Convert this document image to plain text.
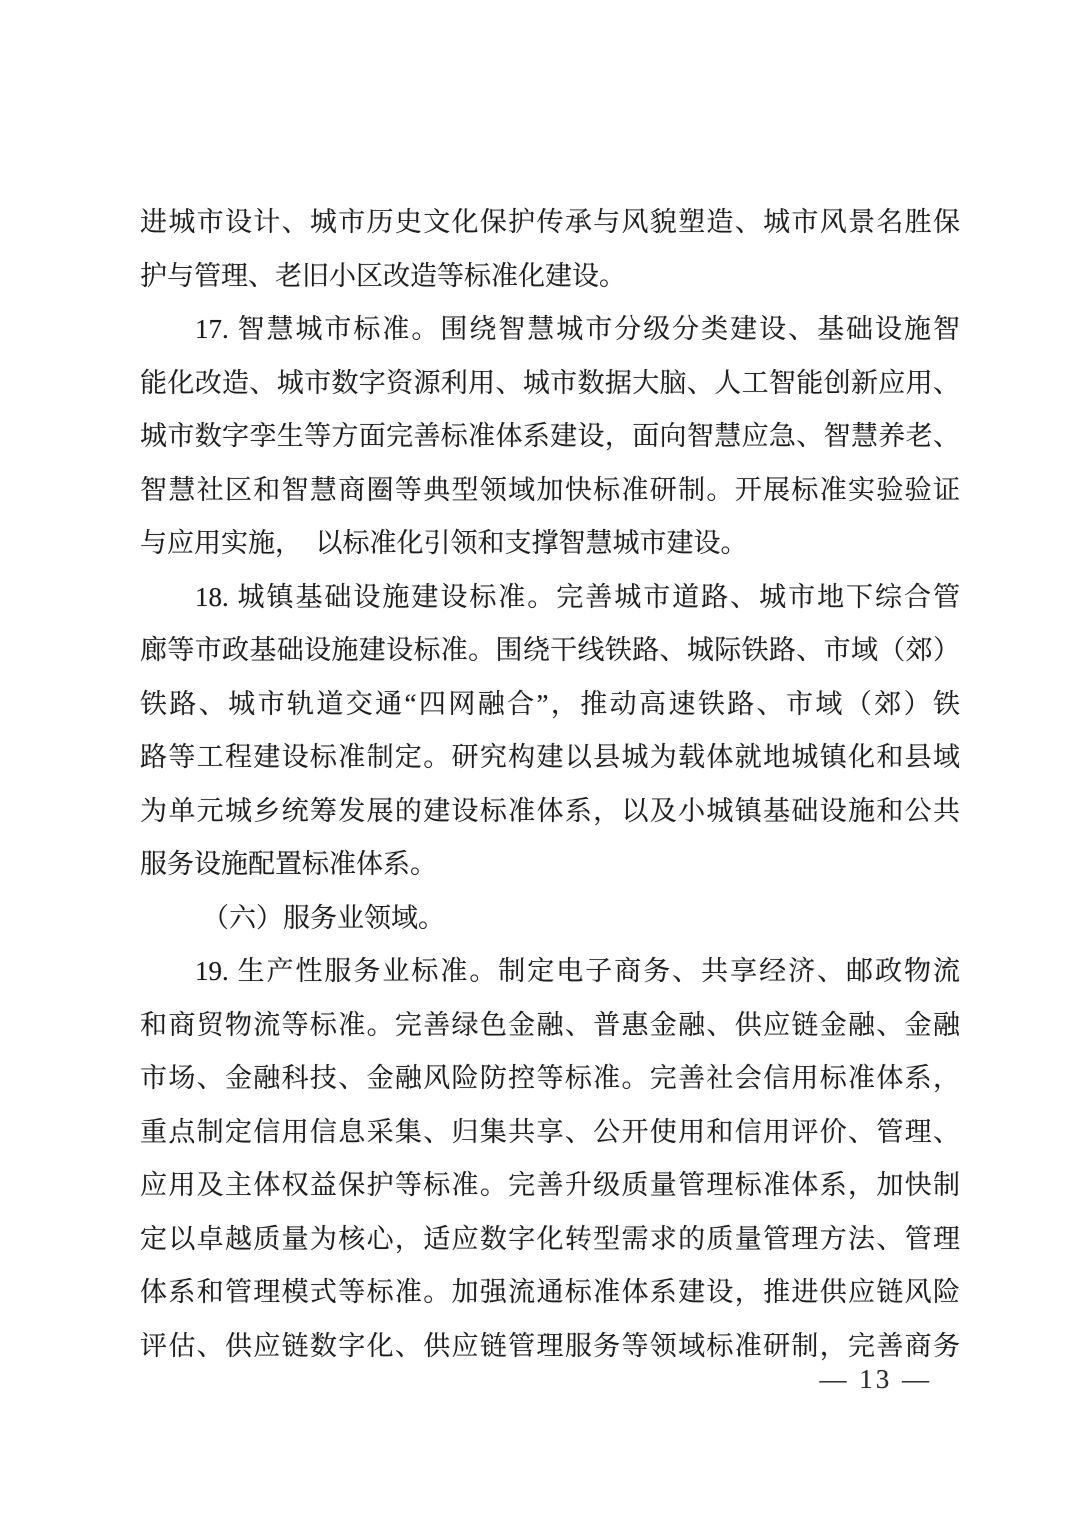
进城市设计、城市历史文化保护传承与风貌塑造、城市风景名胜保
护与管理、老旧小区改造等标准化建设。
17. 智慧城市标准。围绕智慧城市分级分类建设、基础设施智
能化改造、城市数字资源利用、城市数据大脑、人工智能创新应用、
城市数字孪生等方面完善标准体系建设，面向智慧应急、智慧养老、
智慧社区和智慧商圈等典型领域加快标准研制。开展标准实验验证
与应用实施，　以标准化引领和支撑智慧城市建设。
18. 城镇基础设施建设标准。完善城市道路、城市地下综合管
廊等市政基础设施建设标准。围绕干线铁路、城际铁路、市域（郊）
铁路、城市轨道交通“四网融合”，推动高速铁路、市域（郊）铁
路等工程建设标准制定。研究构建以县城为载体就地城镇化和县域
为单元城乡统筹发展的建设标准体系，以及小城镇基础设施和公共
服务设施配置标准体系。
（六）服务业领域。
19. 生产性服务业标准。制定电子商务、共享经济、邮政物流
和商贸物流等标准。完善绿色金融、普惠金融、供应链金融、金融
市场、金融科技、金融风险防控等标准。完善社会信用标准体系，
重点制定信用信息采集、归集共享、公开使用和信用评价、管理、
应用及主体权益保护等标准。完善升级质量管理标准体系，加快制
定以卓越质量为核心，适应数字化转型需求的质量管理方法、管理
体系和管理模式等标准。加强流通标准体系建设，推进供应链风险
评估、供应链数字化、供应链管理服务等领域标准研制，完善商务
— 13 —
